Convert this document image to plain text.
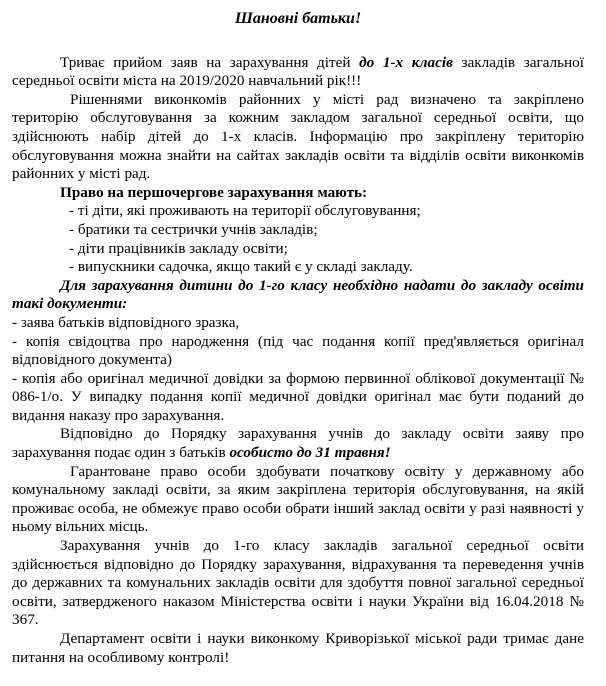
Шановні батьки!

Триває прийом заяв на зарахування дітей до 1-х класів закладів загальної середньої освіти міста на 2019/2020 навчальний рік!!!

Рішеннями виконкомів районних у місті рад визначено та закріплено територію обслуговування за кожним закладом загальної середньої освіти, що здійснюють набір дітей до 1-х класів. Інформацію про закріплену територію обслуговування можна знайти на сайтах закладів освіти та відділів освіти виконкомів районних у місті рад.

Право на першочергове зарахування мають:

- ті діти, які проживають на території обслуговування;
- братики та сестрички учнів закладів;
- діти працівників закладу освіти;
- випускники садочка, якщо такий є у складі закладу.

Для зарахування дитини до 1-го класу необхідно надати до закладу освіти такі документи:

- заява батьків відповідного зразка,

- копія свідоцтва про народження (під час подання копії пред'являється оригінал відповідного документа)

- копія або оригінал медичної довідки за формою первинної облікової документації № 086-1/о. У випадку подання копії медичної довідки оригінал має бути поданий до видання наказу про зарахування.

Відповідно до Порядку зарахування учнів до закладу освіти заяву про зарахування подає один з батьків особисто до 31 травня!

Гарантоване право особи здобувати початкову освіту у державному або комунальному закладі освіти, за яким закріплена територія обслуговування, на якій проживає особа, не обмежує право особи обрати інший заклад освіти у разі наявності у ньому вільних місць.

Зарахування учнів до 1-го класу закладів загальної середньої освіти здійснюється відповідно до Порядку зарахування, відрахування та переведення учнів до державних та комунальних закладів освіти для здобуття повної загальної середньої освіти, затвердженого наказом Міністерства освіти і науки України від 16.04.2018 № 367.

Департамент освіти і науки виконкому Криворізької міської ради тримає дане питання на особливому контролі!
